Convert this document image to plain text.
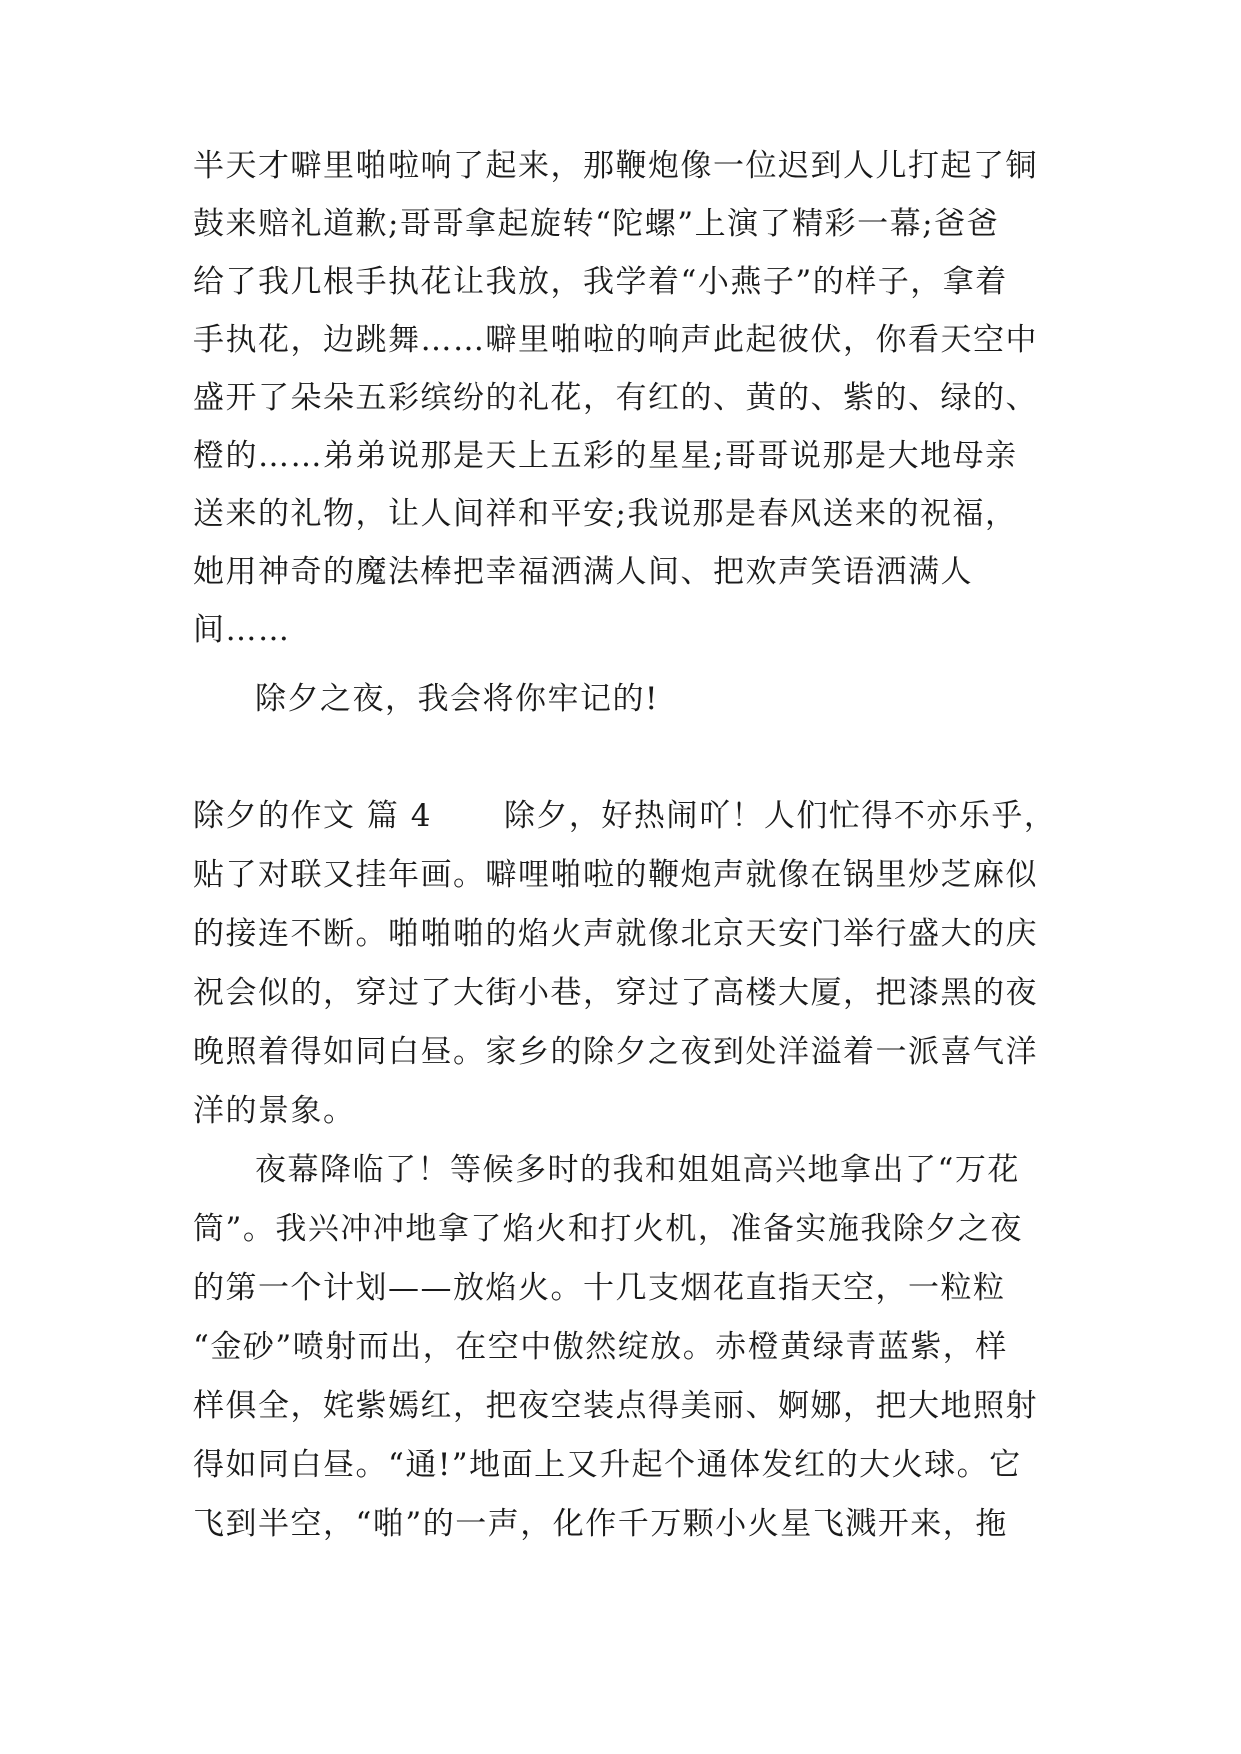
半天才噼里啪啦响了起来，那鞭炮像一位迟到人儿打起了铜
鼓来赔礼道歉;哥哥拿起旋转“陀螺”上演了精彩一幕;爸爸
给了我几根手执花让我放，我学着“小燕子”的样子，拿着
手执花，边跳舞……噼里啪啦的响声此起彼伏，你看天空中
盛开了朵朵五彩缤纷的礼花，有红的、黄的、紫的、绿的、
橙的……弟弟说那是天上五彩的星星;哥哥说那是大地母亲
送来的礼物，让人间祥和平安;我说那是春风送来的祝福，
她用神奇的魔法棒把幸福洒满人间、把欢声笑语洒满人
间……
除夕之夜，我会将你牢记的!
除夕的作文 篇 4 除夕，好热闹吖！人们忙得不亦乐乎，
贴了对联又挂年画。噼哩啪啦的鞭炮声就像在锅里炒芝麻似
的接连不断。啪啪啪的焰火声就像北京天安门举行盛大的庆
祝会似的，穿过了大街小巷，穿过了高楼大厦，把漆黑的夜
晚照着得如同白昼。家乡的除夕之夜到处洋溢着一派喜气洋
洋的景象。
夜幕降临了！等候多时的我和姐姐高兴地拿出了“万花
筒”。我兴冲冲地拿了焰火和打火机，准备实施我除夕之夜
的第一个计划——放焰火。十几支烟花直指天空，一粒粒
“金砂”喷射而出，在空中傲然绽放。赤橙黄绿青蓝紫，样
样俱全，姹紫嫣红，把夜空装点得美丽、婀娜，把大地照射
得如同白昼。“通!”地面上又升起个通体发红的大火球。它
飞到半空，“啪”的一声，化作千万颗小火星飞溅开来，拖
